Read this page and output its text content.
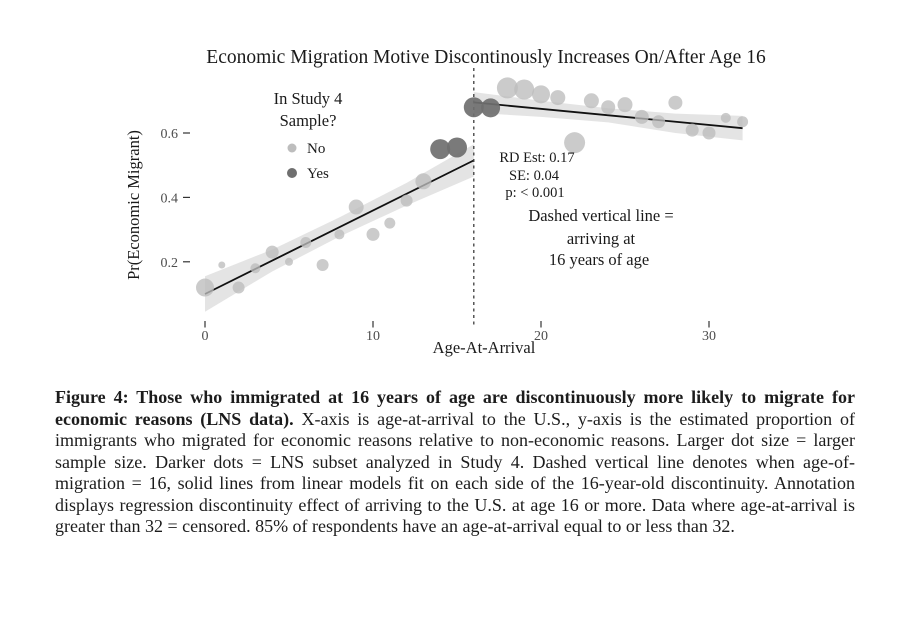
Economic Migration Motive Discontinously Increases On/After Age 16
0	10	20	30
0.2
0.4
0.6
Pr(Economic Migrant)
Age-At-Arrival
In Study 4
Sample?
No
Yes
RD Est: 0.17
SE: 0.04
p: < 0.001
Dashed vertical line =
arriving at
16 years of age

Figure 4: Those who immigrated at 16 years of age are discontinuously more likely to migrate for economic reasons (LNS data). X-axis is age-at-arrival to the U.S., y-axis is the estimated proportion of immigrants who migrated for economic reasons relative to non-economic reasons. Larger dot size = larger sample size. Darker dots = LNS subset analyzed in Study 4. Dashed vertical line denotes when age-of-migration = 16, solid lines from linear models fit on each side of the 16-year-old discontinuity. Annotation displays regression discontinuity effect of arriving to the U.S. at age 16 or more. Data where age-at-arrival is greater than 32 = censored. 85% of respondents have an age-at-arrival equal to or less than 32.
